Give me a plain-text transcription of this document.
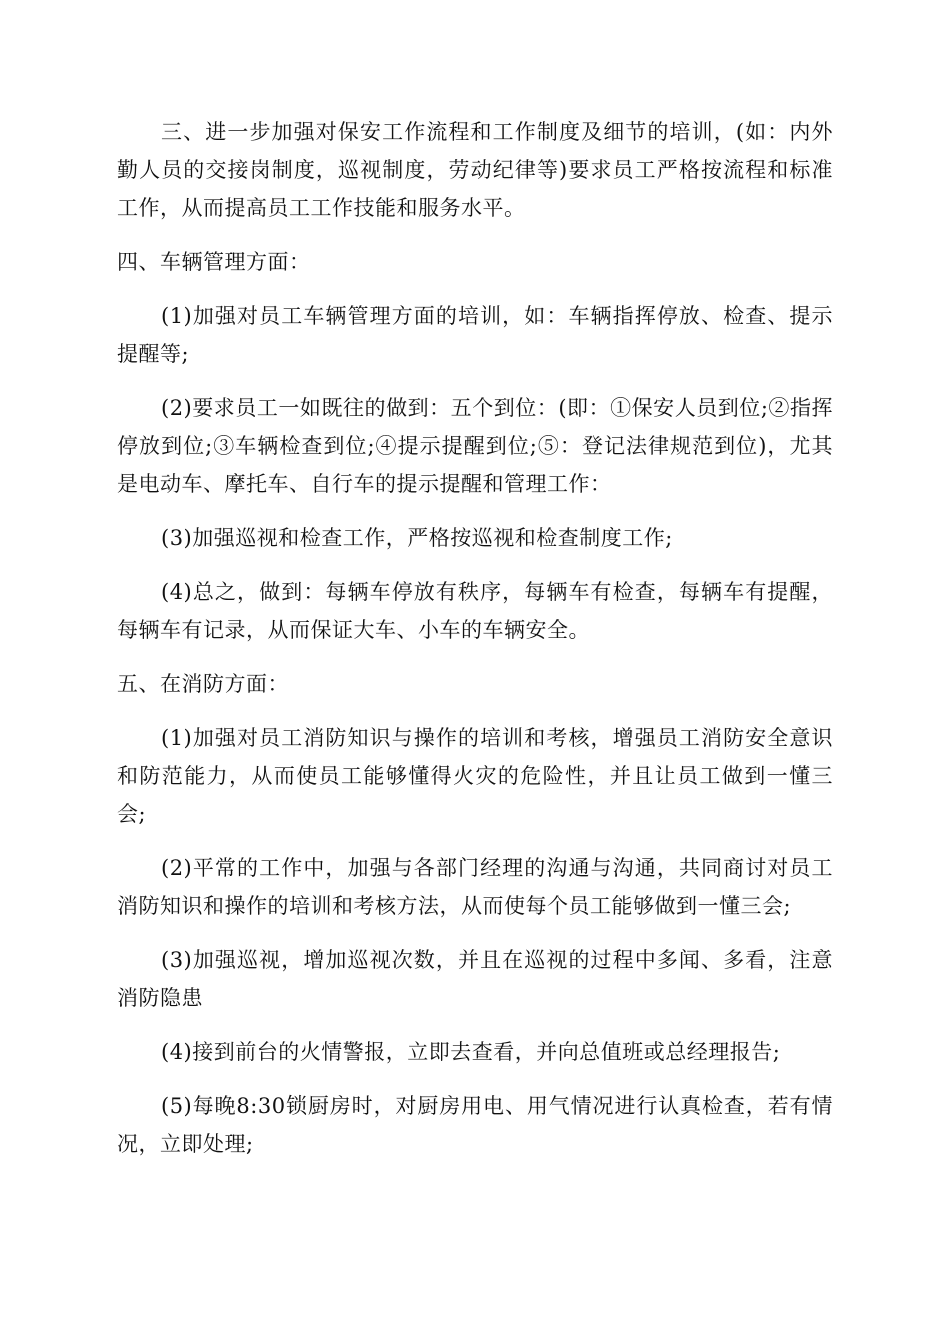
三、进一步加强对保安工作流程和工作制度及细节的培训，(如：内外勤人员的交接岗制度，巡视制度，劳动纪律等)要求员工严格按流程和标准工作，从而提高员工工作技能和服务水平。

四、车辆管理方面：

(1)加强对员工车辆管理方面的培训，如：车辆指挥停放、检查、提示提醒等;

(2)要求员工一如既往的做到：五个到位：(即：①保安人员到位;②指挥停放到位;③车辆检查到位;④提示提醒到位;⑤：登记法律规范到位)，尤其是电动车、摩托车、自行车的提示提醒和管理工作：

(3)加强巡视和检查工作，严格按巡视和检查制度工作;

(4)总之，做到：每辆车停放有秩序，每辆车有检查，每辆车有提醒，每辆车有记录，从而保证大车、小车的车辆安全。

五、在消防方面：

(1)加强对员工消防知识与操作的培训和考核，增强员工消防安全意识和防范能力，从而使员工能够懂得火灾的危险性，并且让员工做到一懂三会;

(2)平常的工作中，加强与各部门经理的沟通与沟通，共同商讨对员工消防知识和操作的培训和考核方法，从而使每个员工能够做到一懂三会;

(3)加强巡视，增加巡视次数，并且在巡视的过程中多闻、多看，注意消防隐患

(4)接到前台的火情警报，立即去查看，并向总值班或总经理报告;

(5)每晚8:30锁厨房时，对厨房用电、用气情况进行认真检查，若有情况，立即处理;
